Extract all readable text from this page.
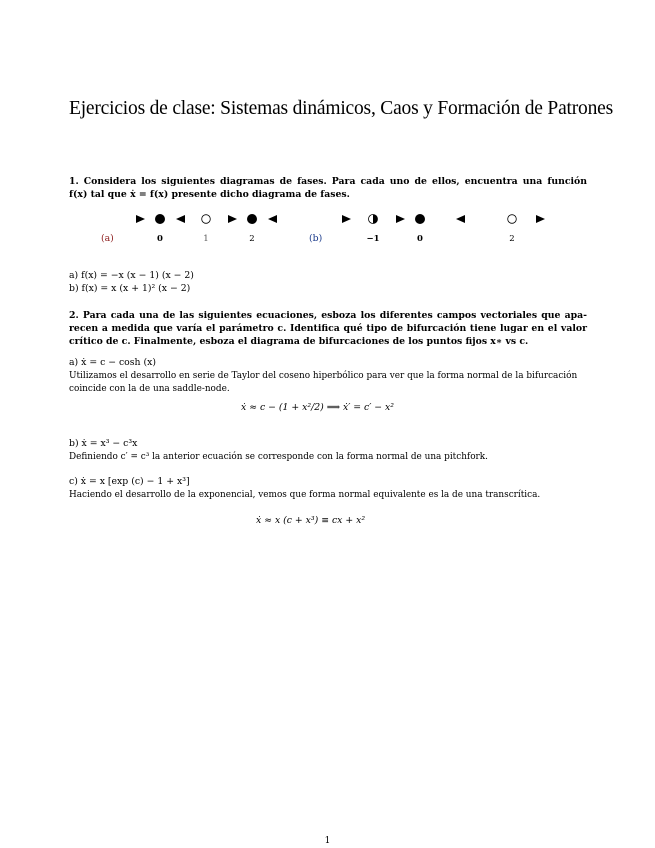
Ejercicios de clase: Sistemas dinámicos, Caos y Formación de Patrones
1. Considera los siguientes diagramas de fases. Para cada uno de ellos, encuentra una función
f(x) tal que ẋ = f(x) presente dicho diagrama de fases.
(a)	0	1	2	(b)	−1	0	2
a) f(x) = −x (x − 1) (x − 2)
b) f(x) = x (x + 1)² (x − 2)
2. Para cada una de las siguientes ecuaciones, esboza los diferentes campos vectoriales que apa-
recen a medida que varía el parámetro c. Identifica qué tipo de bifurcación tiene lugar en el valor
crítico de c. Finalmente, esboza el diagrama de bifurcaciones de los puntos fijos x∗ vs c.
a) ẋ = c − cosh (x)
Utilizamos el desarrollo en serie de Taylor del coseno hiperbólico para ver que la forma normal de la bifurcación
coincide con la de una saddle-node.
ẋ ≈ c − (1 + x²/2) ⟹ ẋ′ = c′ − x²
b) ẋ = x³ − c³x
Definiendo c′ = c³ la anterior ecuación se corresponde con la forma normal de una pitchfork.
c) ẋ = x [exp (c) − 1 + x³]
Haciendo el desarrollo de la exponencial, vemos que forma normal equivalente es la de una transcrítica.
ẋ ≈ x (c + x³) ≡ cx + x²
1
